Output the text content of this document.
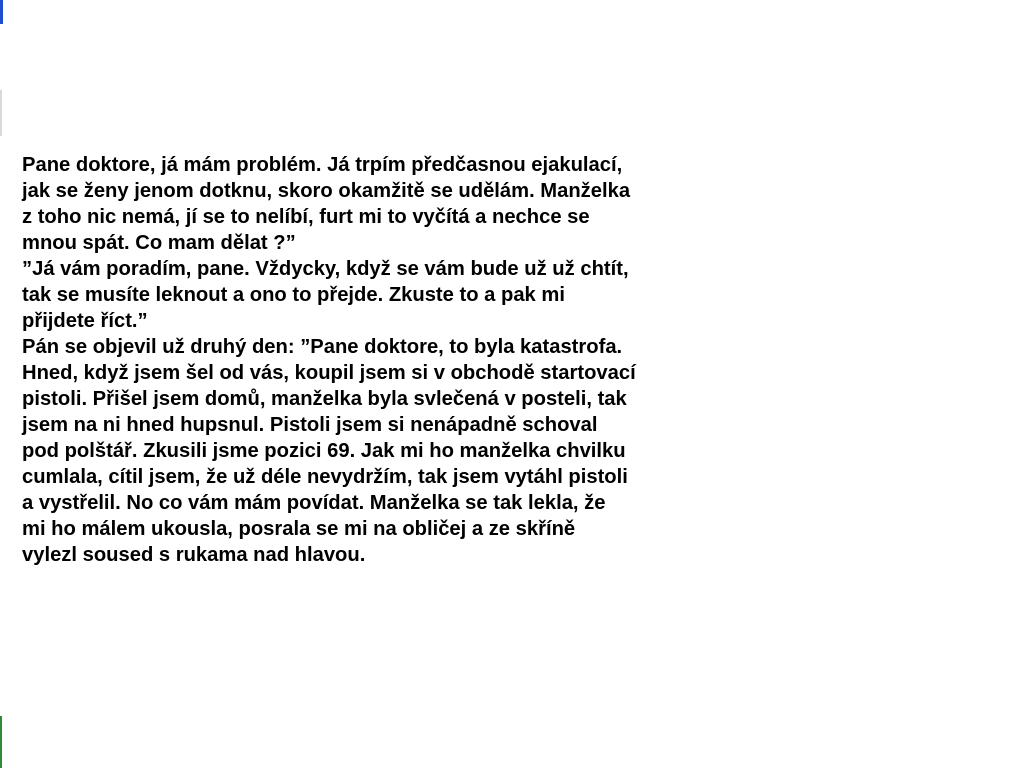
Pane doktore, já mám problém. Já trpím předčasnou ejakulací,
jak se ženy jenom dotknu, skoro okamžitě se udělám. Manželka
z toho nic nemá, jí se to nelíbí, furt mi to vyčítá a nechce se
mnou spát. Co mam dělat ?”
”Já vám poradím, pane. Vždycky, když se vám bude už už chtít,
tak se musíte leknout a ono to přejde. Zkuste to a pak mi
přijdete říct.”
Pán se objevil už druhý den: ”Pane doktore, to byla katastrofa.
Hned, když jsem šel od vás, koupil jsem si v obchodě startovací
pistoli. Přišel jsem domů, manželka byla svlečená v posteli, tak
jsem na ni hned hupsnul. Pistoli jsem si nenápadně schoval
pod polštář. Zkusili jsme pozici 69. Jak mi ho manželka chvilku
cumlala, cítil jsem, že už déle nevydržím, tak jsem vytáhl pistoli
a vystřelil. No co vám mám povídat. Manželka se tak lekla, že
mi ho málem ukousla, posrala se mi na obličej a ze skříně
vylezl soused s rukama nad hlavou.
